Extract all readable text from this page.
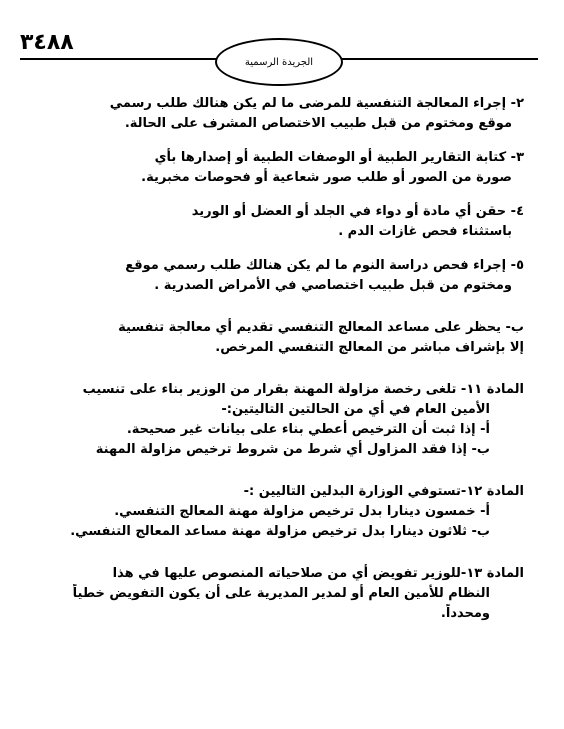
٣٤٨٨
الجريدة الرسمية
٢- إجراء المعالجة التنفسية للمرضى ما لم يكن هنالك طلب رسمي
موقع ومختوم من قبل طبيب الاختصاص المشرف على الحالة.
٣- كتابة التقارير الطبية أو الوصفات الطبية أو إصدارها بأي
صورة من الصور أو طلب صور شعاعية أو فحوصات مخبرية.
٤- حقن أي مادة أو دواء في الجلد أو العضل أو الوريد
باستثناء فحص غازات الدم .
٥- إجراء فحص دراسة النوم ما لم يكن هنالك طلب رسمي موقع
ومختوم من قبل طبيب اختصاصي في الأمراض الصدرية .
ب- يحظر على مساعد المعالج التنفسي تقديم أي معالجة تنفسية
إلا بإشراف مباشر من المعالج التنفسي المرخص.
المادة ١١- تلغى رخصة مزاولة المهنة بقرار من الوزير بناء على تنسيب
الأمين العام في أي من الحالتين التاليتين:-
أ- إذا ثبت أن الترخيص أعطي بناء على بيانات غير صحيحة.
ب- إذا فقد المزاول أي شرط من شروط ترخيص مزاولة المهنة
المادة ١٢-تستوفي الوزارة البدلين التاليين :-
أ- خمسون دينارا بدل ترخيص مزاولة مهنة المعالج التنفسي.
ب- ثلاثون دينارا بدل ترخيص مزاولة مهنة مساعد المعالج التنفسي.
المادة ١٣-للوزير تفويض أي من صلاحياته المنصوص عليها في هذا
النظام للأمين العام أو لمدير المديرية على أن يكون التفويض خطياً
ومحدداً.
